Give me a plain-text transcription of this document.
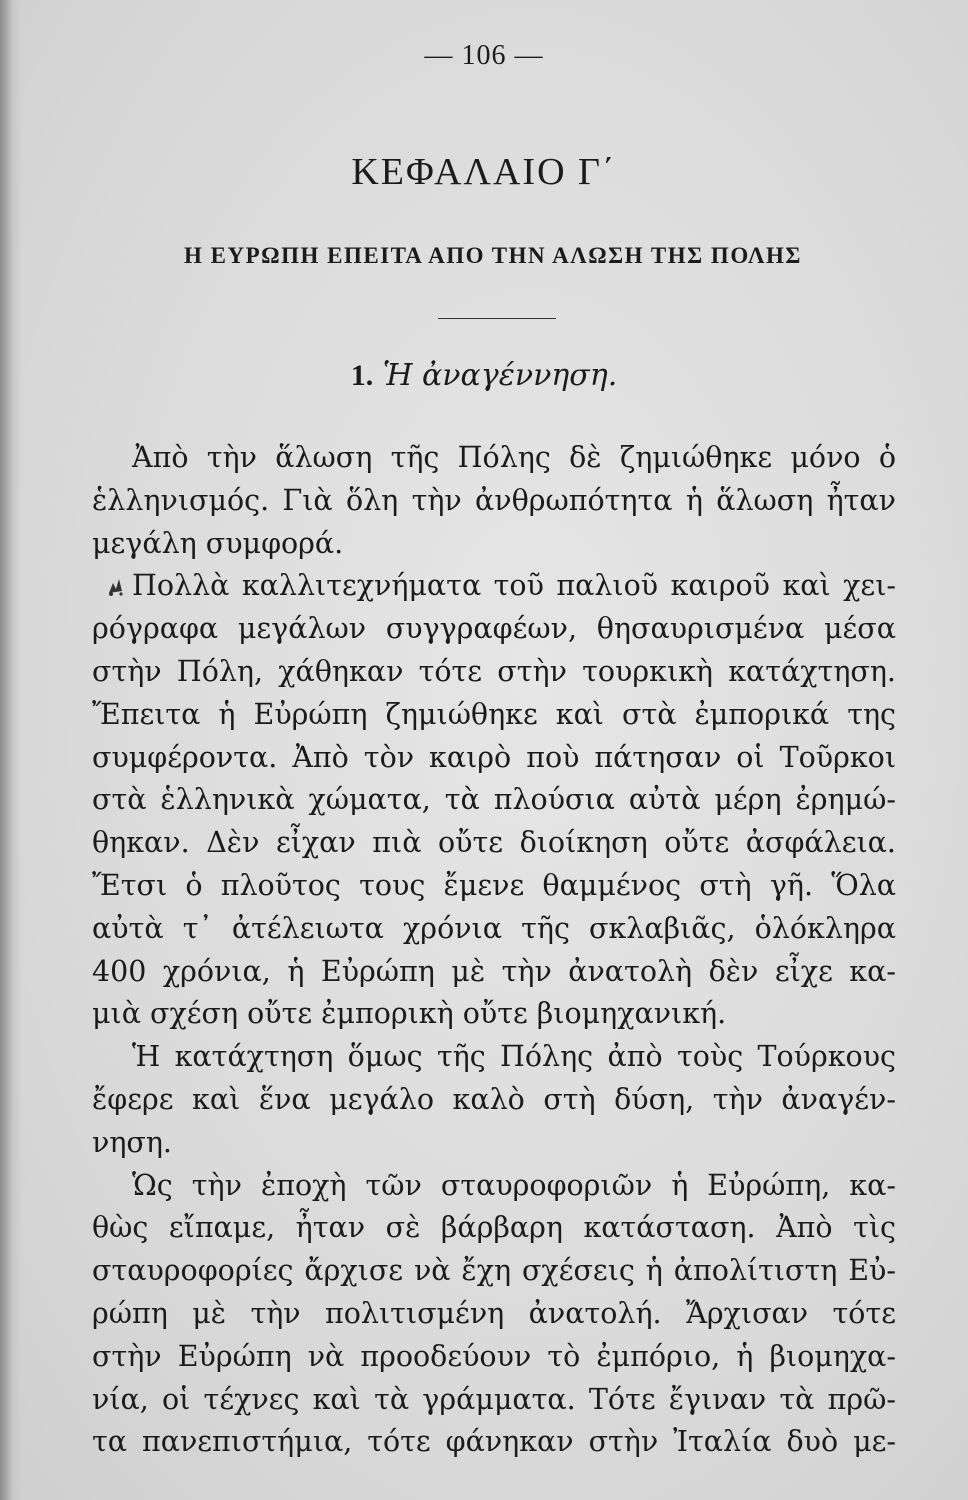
— 106 —
ΚΕΦΑΛΑΙΟ Γ΄
Η ΕΥΡΩΠΗ ΕΠΕΙΤΑ ΑΠΟ ΤΗΝ ΑΛΩΣΗ ΤΗΣ ΠΟΛΗΣ
1. Ἡ ἀναγέννηση.
Ἀπὸ τὴν ἅλωση τῆς Πόλης δὲ ζημιώθηκε μόνο ὁ
ἑλληνισμός. Γιὰ ὅλη τὴν ἀνθρωπότητα ἡ ἅλωση ἦταν
μεγάλη συμφορά.
Πολλὰ καλλιτεχνήματα τοῦ παλιοῦ καιροῦ καὶ χει-
ρόγραφα μεγάλων συγγραφέων, θησαυρισμένα μέσα
στὴν Πόλη, χάθηκαν τότε στὴν τουρκικὴ κατάχτηση.
Ἔπειτα ἡ Εὐρώπη ζημιώθηκε καὶ στὰ ἐμπορικά της
συμφέροντα. Ἀπὸ τὸν καιρὸ ποὺ πάτησαν οἱ Τοῦρκοι
στὰ ἑλληνικὰ χώματα, τὰ πλούσια αὐτὰ μέρη ἐρημώ-
θηκαν. Δὲν εἶχαν πιὰ οὔτε διοίκηση οὔτε ἀσφάλεια.
Ἔτσι ὁ πλοῦτος τους ἔμενε θαμμένος στὴ γῆ. Ὅλα
αὐτὰ τ᾿ ἀτέλειωτα χρόνια τῆς σκλαβιᾶς, ὁλόκληρα
400 χρόνια, ἡ Εὐρώπη μὲ τὴν ἀνατολὴ δὲν εἶχε κα-
μιὰ σχέση οὔτε ἐμπορικὴ οὔτε βιομηχανική.
Ἡ κατάχτηση ὅμως τῆς Πόλης ἀπὸ τοὺς Τούρκους
ἔφερε καὶ ἕνα μεγάλο καλὸ στὴ δύση, τὴν ἀναγέν-
νηση.
Ὡς τὴν ἐποχὴ τῶν σταυροφοριῶν ἡ Εὐρώπη, κα-
θὼς εἴπαμε, ἦταν σὲ βάρβαρη κατάσταση. Ἀπὸ τὶς
σταυροφορίες ἄρχισε νὰ ἔχη σχέσεις ἡ ἀπολίτιστη Εὐ-
ρώπη μὲ τὴν πολιτισμένη ἀνατολή. Ἄρχισαν τότε
στὴν Εὐρώπη νὰ προοδεύουν τὸ ἐμπόριο, ἡ βιομηχα-
νία, οἱ τέχνες καὶ τὰ γράμματα. Τότε ἔγιναν τὰ πρῶ-
τα πανεπιστήμια, τότε φάνηκαν στὴν Ἰταλία δυὸ με-
